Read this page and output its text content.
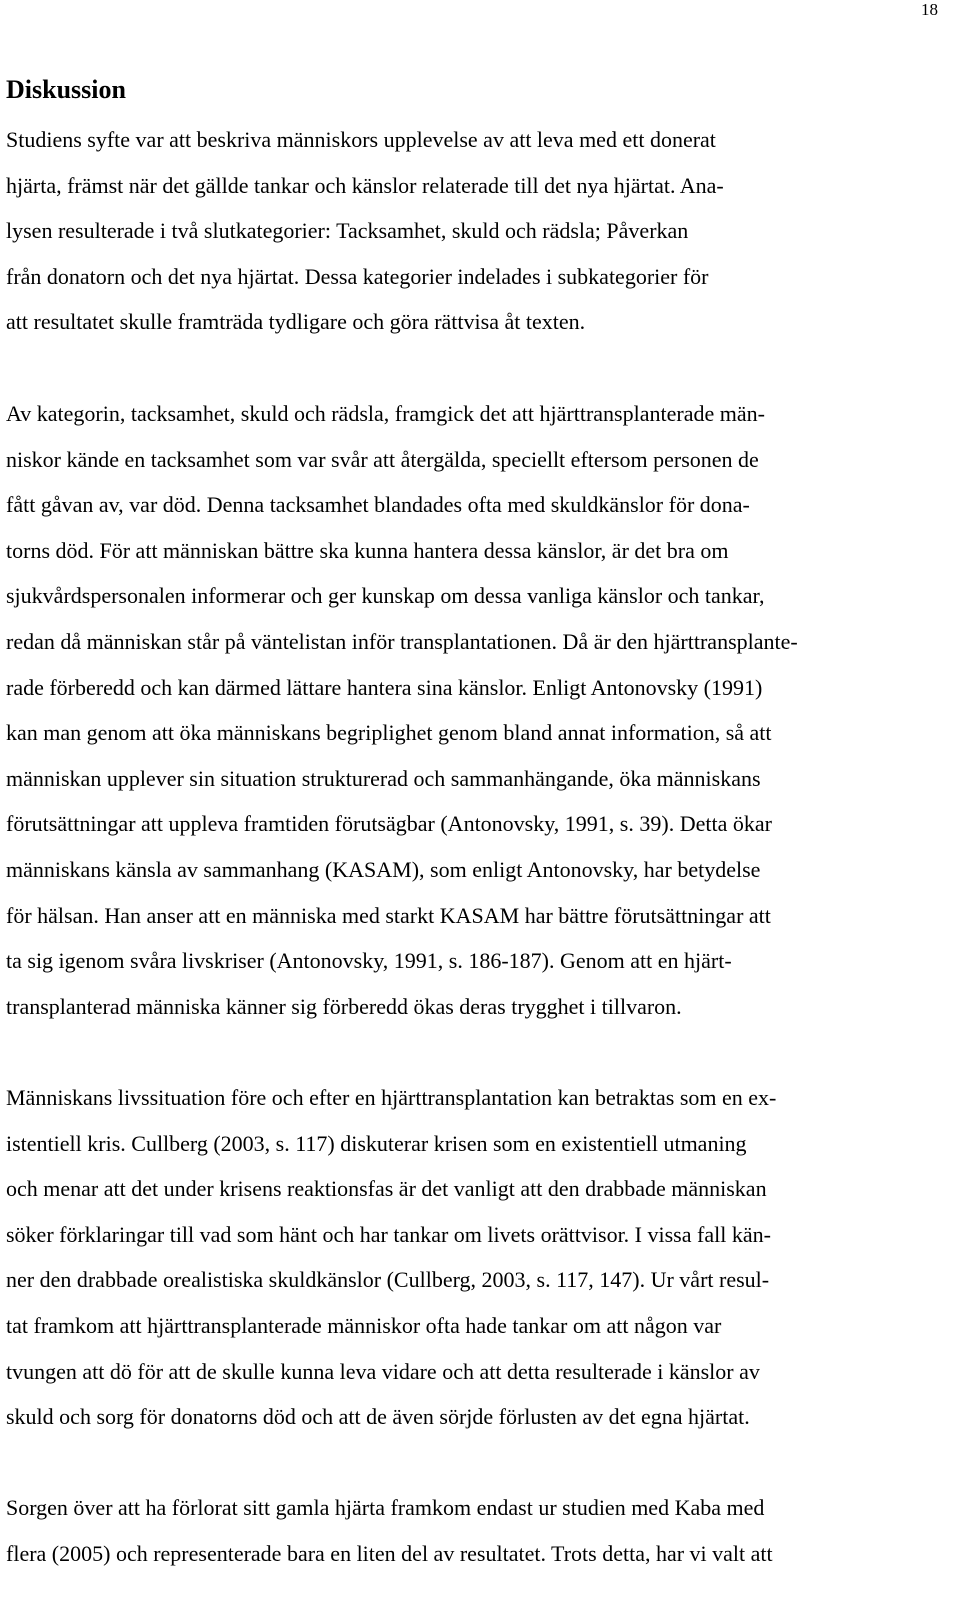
18
Diskussion

Studiens syfte var att beskriva människors upplevelse av att leva med ett donerat
hjärta, främst när det gällde tankar och känslor relaterade till det nya hjärtat. Ana-
lysen resulterade i två slutkategorier: Tacksamhet, skuld och rädsla; Påverkan
från donatorn och det nya hjärtat. Dessa kategorier indelades i subkategorier för
att resultatet skulle framträda tydligare och göra rättvisa åt texten.

Av kategorin, tacksamhet, skuld och rädsla, framgick det att hjärttransplanterade män-
niskor kände en tacksamhet som var svår att återgälda, speciellt eftersom personen de
fått gåvan av, var död. Denna tacksamhet blandades ofta med skuldkänslor för dona-
torns död. För att människan bättre ska kunna hantera dessa känslor, är det bra om
sjukvårdspersonalen informerar och ger kunskap om dessa vanliga känslor och tankar,
redan då människan står på väntelistan inför transplantationen. Då är den hjärttransplante-
rade förberedd och kan därmed lättare hantera sina känslor. Enligt Antonovsky (1991)
kan man genom att öka människans begriplighet genom bland annat information, så att
människan upplever sin situation strukturerad och sammanhängande, öka människans
förutsättningar att uppleva framtiden förutsägbar (Antonovsky, 1991, s. 39). Detta ökar
människans känsla av sammanhang (KASAM), som enligt Antonovsky, har betydelse
för hälsan. Han anser att en människa med starkt KASAM har bättre förutsättningar att
ta sig igenom svåra livskriser (Antonovsky, 1991, s. 186-187). Genom att en hjärt-
transplanterad människa känner sig förberedd ökas deras trygghet i tillvaron.

Människans livssituation före och efter en hjärttransplantation kan betraktas som en ex-
istentiell kris. Cullberg (2003, s. 117) diskuterar krisen som en existentiell utmaning
och menar att det under krisens reaktionsfas är det vanligt att den drabbade människan
söker förklaringar till vad som hänt och har tankar om livets orättvisor. I vissa fall kän-
ner den drabbade orealistiska skuldkänslor (Cullberg, 2003, s. 117, 147). Ur vårt resul-
tat framkom att hjärttransplanterade människor ofta hade tankar om att någon var
tvungen att dö för att de skulle kunna leva vidare och att detta resulterade i känslor av
skuld och sorg för donatorns död och att de även sörjde förlusten av det egna hjärtat.

Sorgen över att ha förlorat sitt gamla hjärta framkom endast ur studien med Kaba med
flera (2005) och representerade bara en liten del av resultatet. Trots detta, har vi valt att
